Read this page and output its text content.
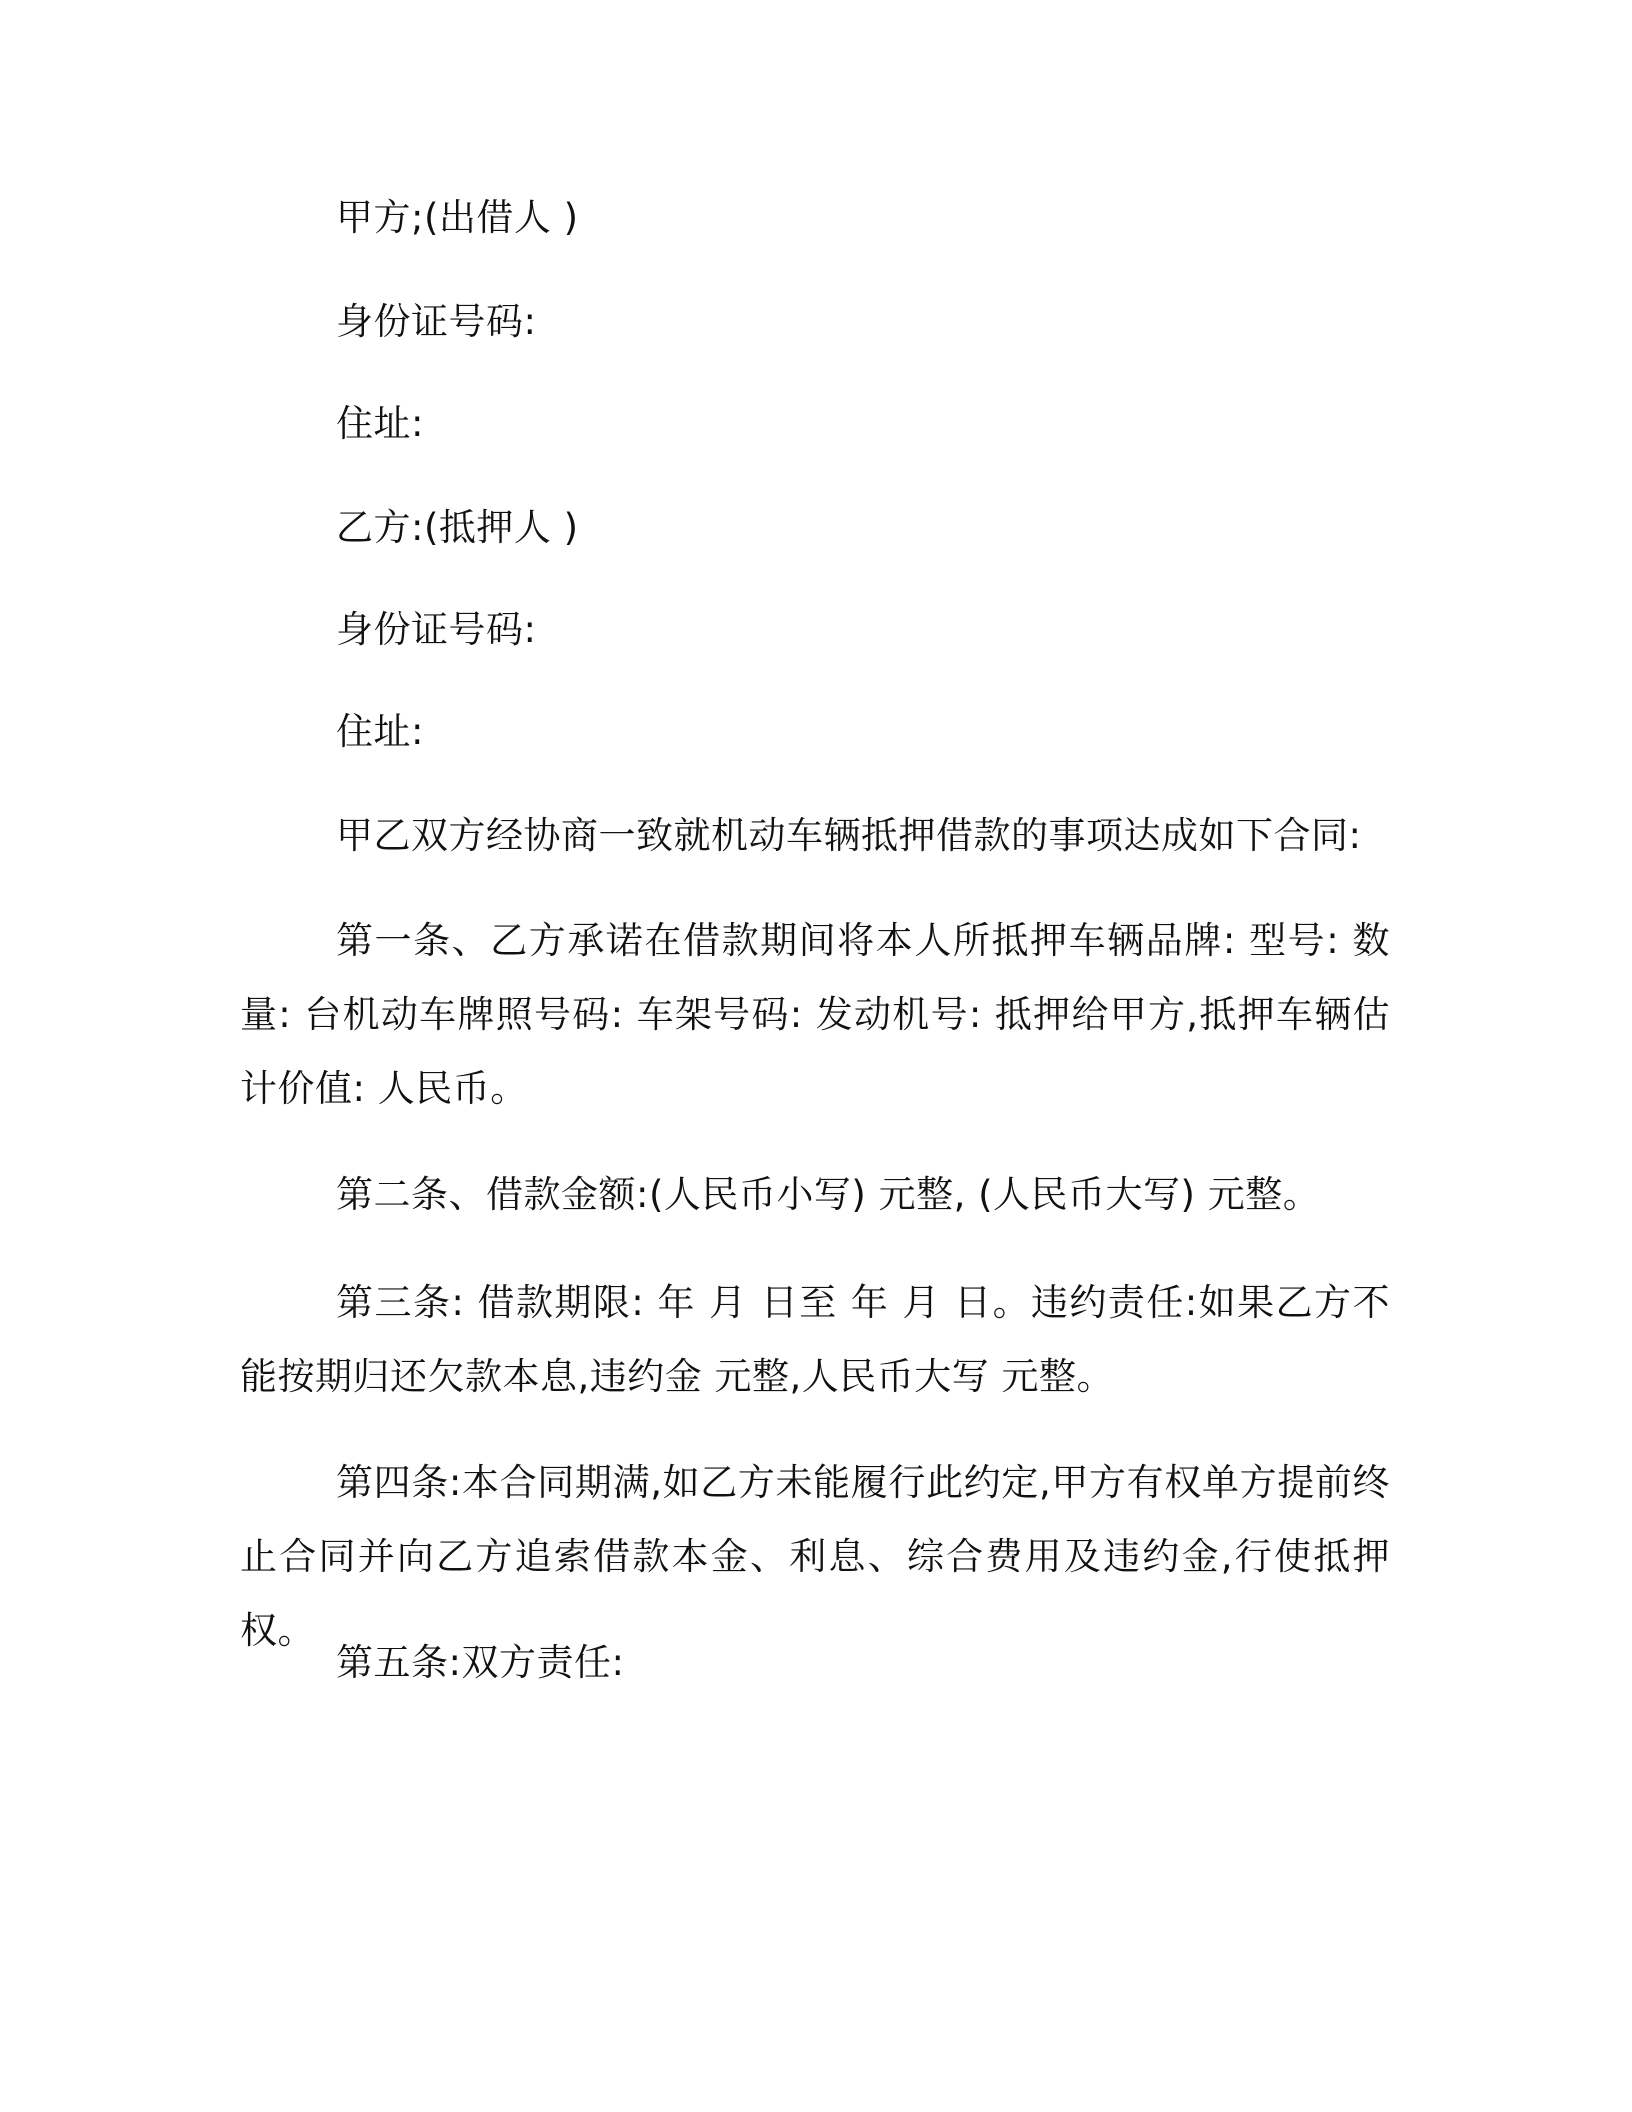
甲方;(出借人 )
身份证号码:
住址:
乙方:(抵押人 )
身份证号码:
住址:
甲乙双方经协商一致就机动车辆抵押借款的事项达成如下合同:
第一条、乙方承诺在借款期间将本人所抵押车辆品牌: 型号: 数量: 台机动车牌照号码: 车架号码: 发动机号: 抵押给甲方,抵押车辆估计价值: 人民币。
第二条、借款金额:(人民币小写) 元整, (人民币大写) 元整。
第三条: 借款期限: 年 月 日至 年 月 日。违约责任:如果乙方不能按期归还欠款本息,违约金 元整,人民币大写 元整。
第四条:本合同期满,如乙方未能履行此约定,甲方有权单方提前终止合同并向乙方追索借款本金、利息、综合费用及违约金,行使抵押权。
第五条:双方责任:
